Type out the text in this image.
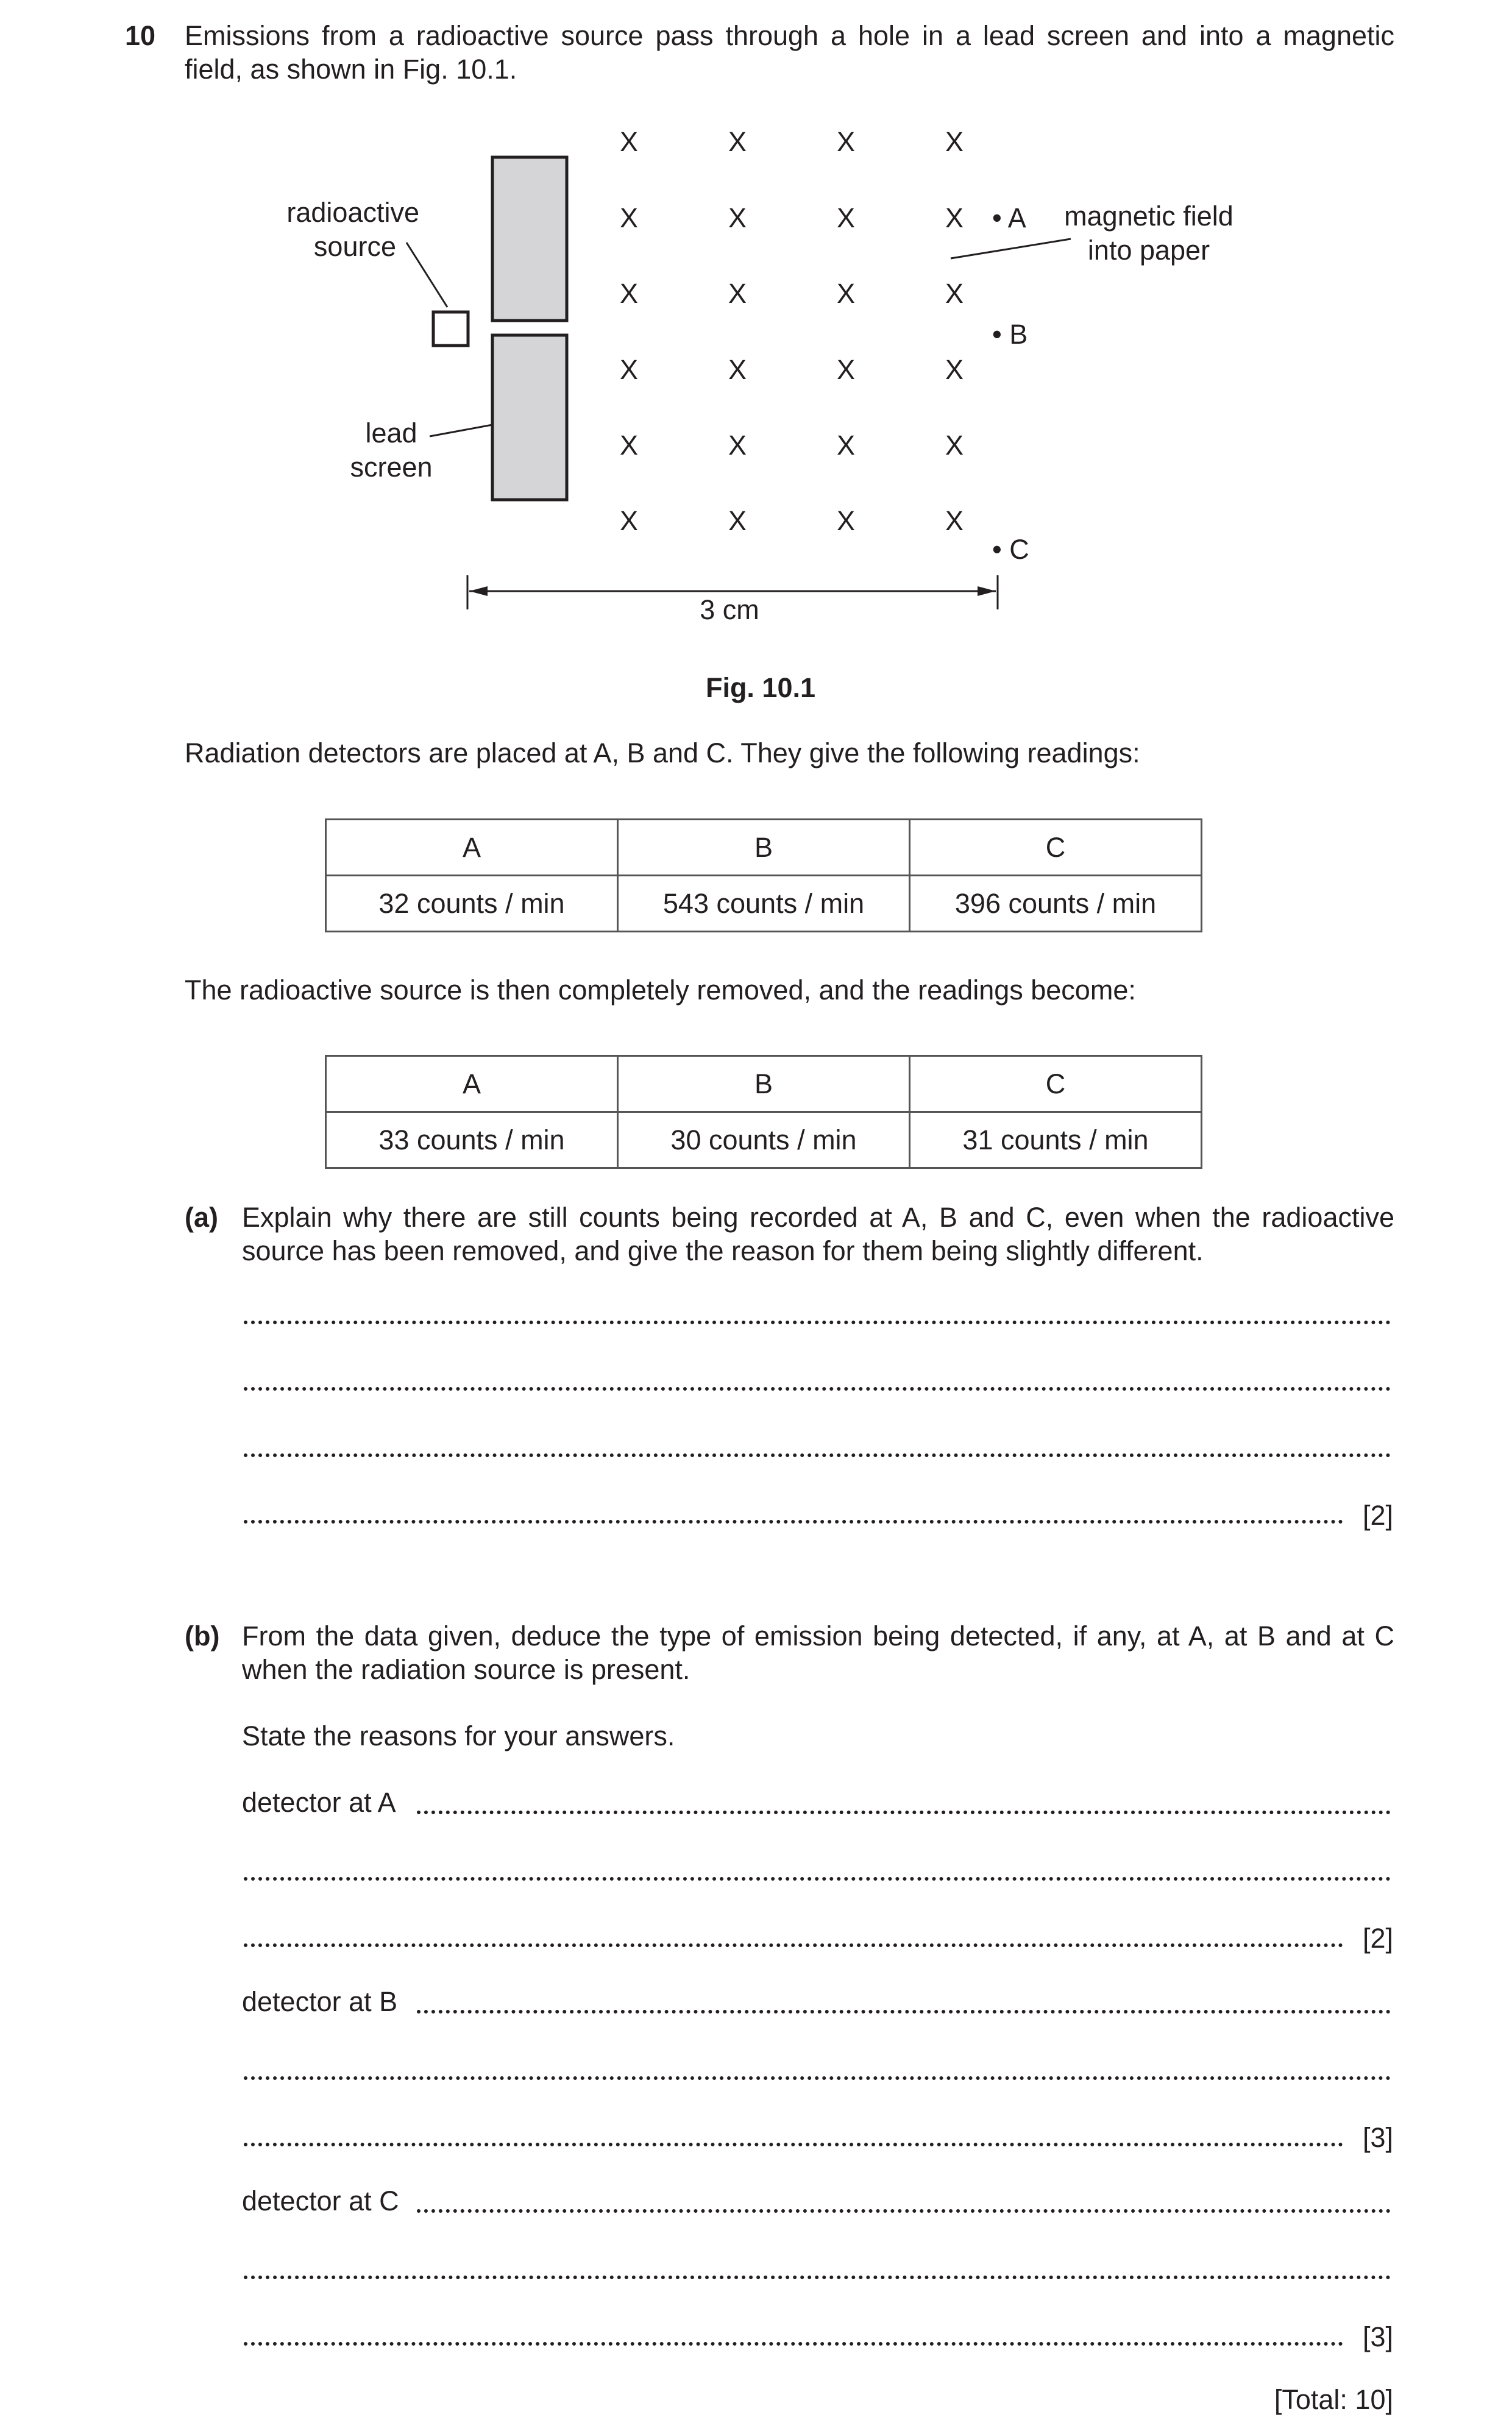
10 Emissions from a radioactive source pass through a hole in a lead screen and into a magnetic
field, as shown in Fig. 10.1.
radioactive
source
lead
screen
magnetic field
into paper
X	X	X	X
X	X	X	X
X	X	X	X
X	X	X	X
X	X	X	X
X	X	X	X
• A
• B
• C
3 cm
Fig. 10.1
Radiation detectors are placed at A, B and C. They give the following readings:
A	B	C
32 counts / min	543 counts / min	396 counts / min
The radioactive source is then completely removed, and the readings become:
A	B	C
33 counts / min	30 counts / min	31 counts / min
(a) Explain why there are still counts being recorded at A, B and C, even when the radioactive
source has been removed, and give the reason for them being slightly different.
[2]
(b) From the data given, deduce the type of emission being detected, if any, at A, at B and at C
when the radiation source is present.
State the reasons for your answers.
detector at A
[2]
detector at B
[3]
detector at C
[3]
[Total: 10]
